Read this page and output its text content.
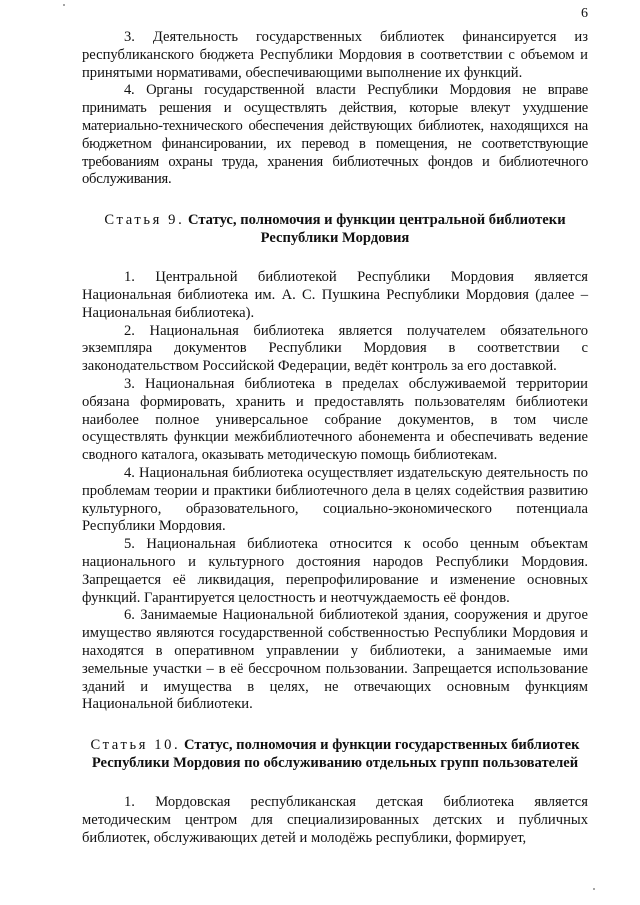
6

3. Деятельность государственных библиотек финансируется из республиканского бюджета Республики Мордовия в соответствии с объемом и принятыми нормативами, обеспечивающими выполнение их функций.

4. Органы государственной власти Республики Мордовия не вправе принимать решения и осуществлять действия, которые влекут ухудшение материально-технического обеспечения действующих библиотек, находящихся на бюджетном финансировании, их перевод в помещения, не соответствующие требованиям охраны труда, хранения библиотечных фондов и библиотечного обслуживания.

Статья 9. Статус, полномочия и функции центральной библиотеки Республики Мордовия

1. Центральной библиотекой Республики Мордовия является Национальная библиотека им. А. С. Пушкина Республики Мордовия (далее – Национальная библиотека).

2. Национальная библиотека является получателем обязательного экземпляра документов Республики Мордовия в соответствии с законодательством Российской Федерации, ведёт контроль за его доставкой.

3. Национальная библиотека в пределах обслуживаемой территории обязана формировать, хранить и предоставлять пользователям библиотеки наиболее полное универсальное собрание документов, в том числе осуществлять функции межбиблиотечного абонемента и обеспечивать ведение сводного каталога, оказывать методическую помощь библиотекам.

4. Национальная библиотека осуществляет издательскую деятельность по проблемам теории и практики библиотечного дела в целях содействия развитию культурного, образовательного, социально-экономического потенциала Республики Мордовия.

5. Национальная библиотека относится к особо ценным объектам национального и культурного достояния народов Республики Мордовия. Запрещается её ликвидация, перепрофилирование и изменение основных функций. Гарантируется целостность и неотчуждаемость её фондов.

6. Занимаемые Национальной библиотекой здания, сооружения и другое имущество являются государственной собственностью Республики Мордовия и находятся в оперативном управлении у библиотеки, а занимаемые ими земельные участки – в её бессрочном пользовании. Запрещается использование зданий и имущества в целях, не отвечающих основным функциям Национальной библиотеки.

Статья 10. Статус, полномочия и функции государственных библиотек Республики Мордовия по обслуживанию отдельных групп пользователей

1. Мордовская республиканская детская библиотека является методическим центром для специализированных детских и публичных библиотек, обслуживающих детей и молодёжь республики, формирует,
